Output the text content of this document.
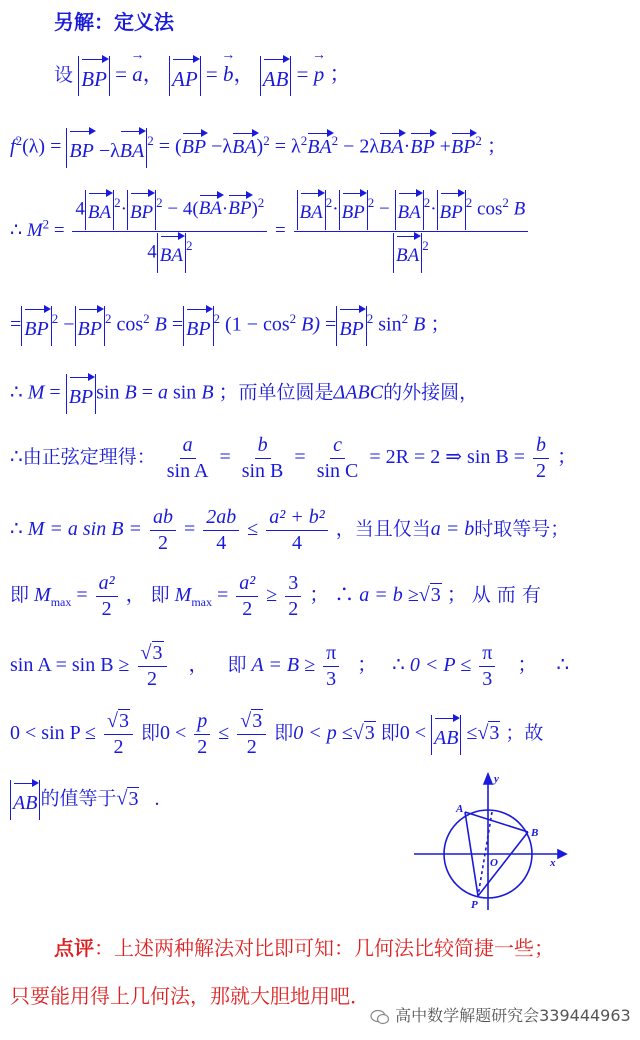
另解：定义法
设 BP = → a， AP = → b， AB = → p ；
$f^2(\lambda)$ = BP −λ
BA $^2$ = (
BP −λ
$BA)^2 = \lambda^2$
$BA^2 - 2\lambda$
BA·
BP +
$BP^2$ ；
∴ $M^2 = 4$ BA $^2$· BP $^2$ − 4(
BA·
BP)$^2$
4 BA $^2 = \frac{BA ^2\cdot BP ^2 - BA ^2\cdot BP ^2 \cos^2 B}{BA ^2}$
= BP $^2$ − BP $^2$ $\cos^2 B$ = BP $^2$ $(1 - \cos^2 B)$ = BP $^2$ $\sin^2 B$ ；
∴ M = BP sin B = a sin B ；而单位圆是ΔABC的外接圆，
∴由正弦定理得： $\frac{a}{\text{sin A}} = \frac{b}{\text{sin B}} = \frac{c}{\text{sin C}} = 2R = 2$ ⇒ $\sin B = \frac{b}{2}$ ；
∴ M = a $\sin B = \frac{ab}{2} = \frac{2ab}{4} \le \frac{\text{a² + b²}}{4}$ ，当且仅当a = b时取等号；
即 $M_{max} = \frac{\text{a²}}{2}$ ， 即 $M_{max} = \frac{\text{a²}}{2} \ge \frac{3}{2}$ ； ∴ a = b ≥√3 ； 从 而 有
$\sin A = \sin B \ge \frac{√3}{2}$ ， 即 $A = B \ge \frac{\pi}{3}$ ； ∴ $0 < P \le \frac{\pi}{3}$ ； ∴
$0 < \sin P \le \frac{√3}{2}$ 即$0 < \frac{p}{2} \le \frac{√3}{2}$ 即0 < p ≤√3 即0 < AB ≤√3 ；故
AB 的值等于√3 .	A
B
O
P
x
y
点评：上述两种解法对比即可知：几何法比较简捷一些；
只要能用得上几何法，那就大胆地用吧．
高中数学解题研究会339444963
